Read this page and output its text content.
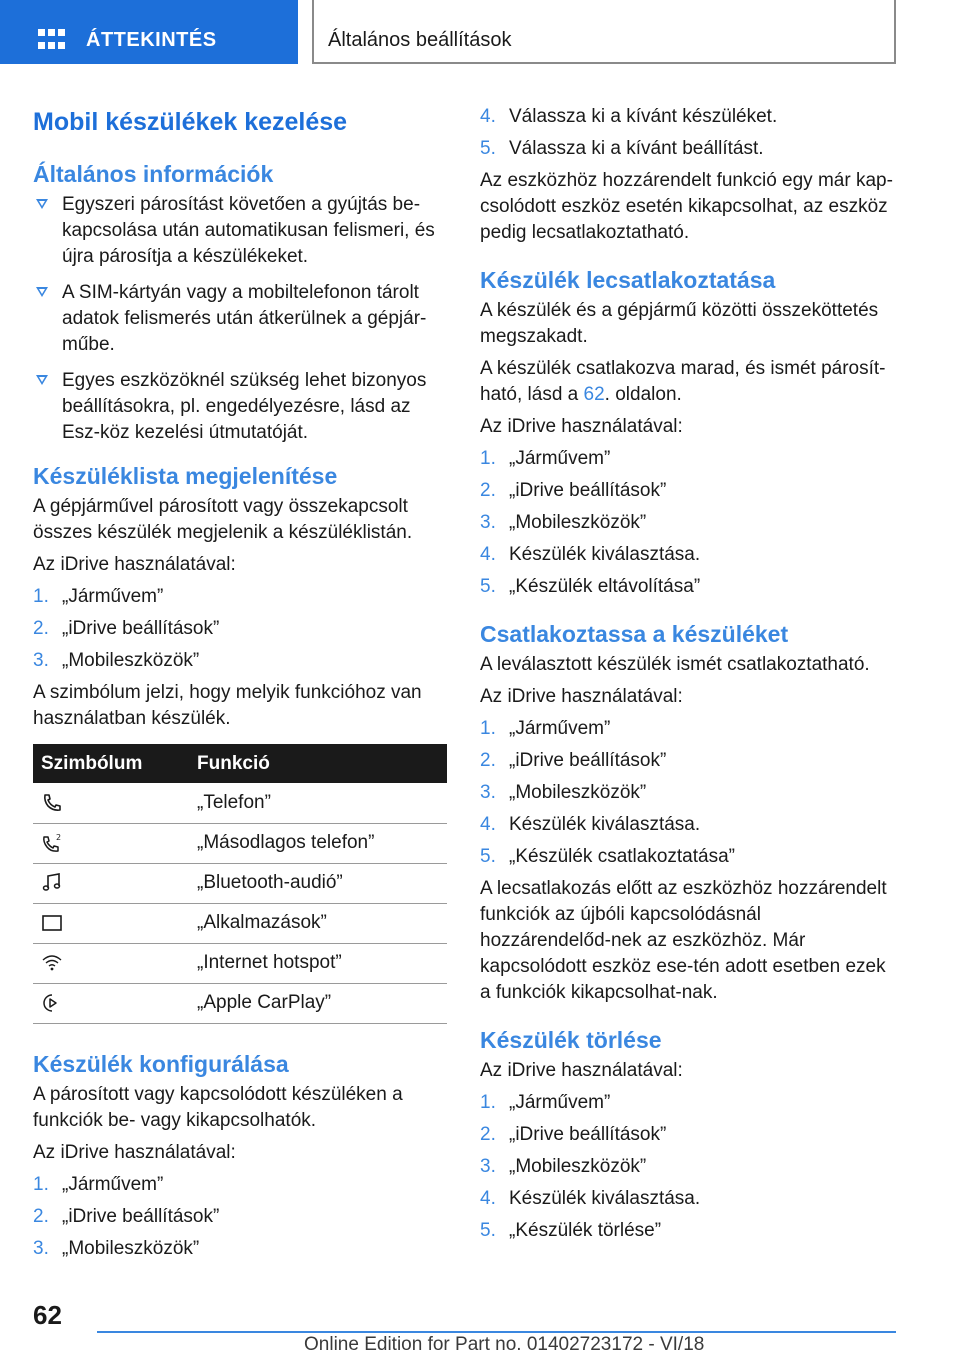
ÁTTEKINTÉS	Általános beállítások
Mobil készülékek kezelése
Általános információk
Egyszeri párosítást követően a gyújtás be-kapcsolása után automatikusan felismeri, és újra párosítja a készülékeket.
A SIM-kártyán vagy a mobiltelefonon tárolt adatok felismerés után átkerülnek a gépjár-műbe.
Egyes eszközöknél szükség lehet bizonyos beállításokra, pl. engedélyezésre, lásd az Esz-köz kezelési útmutatóját.
Készüléklista megjelenítése

A gépjárművel párosított vagy összekapcsolt összes készülék megjelenik a készüléklistán.

Az iDrive használatával:

1. „Járművem”
2. „iDrive beállítások”
3. „Mobileszközök”

A szimbólum jelzi, hogy melyik funkcióhoz van használatban készülék.

Szimbólum	Funkció

	„Telefon”

2	„Másodlagos telefon”

	„Bluetooth-audió”

	„Alkalmazások”

	„Internet hotspot”

	„Apple CarPlay”
Készülék konfigurálása

A párosított vagy kapcsolódott készüléken a funkciók be- vagy kikapcsolhatók.

Az iDrive használatával:

1. „Járművem”
2. „iDrive beállítások”
3. „Mobileszközök”
4. Válassza ki a kívánt készüléket.
5. Válassza ki a kívánt beállítást.

Az eszközhöz hozzárendelt funkció egy már kap-csolódott eszköz esetén kikapcsolhat, az eszköz pedig lecsatlakoztatható.

Készülék lecsatlakoztatása

A készülék és a gépjármű közötti összeköttetés megszakadt.

A készülék csatlakozva marad, és ismét párosít-ható, lásd a 62. oldalon.

Az iDrive használatával:

1. „Járművem”
2. „iDrive beállítások”
3. „Mobileszközök”
4. Készülék kiválasztása.
5. „Készülék eltávolítása”
Csatlakoztassa a készüléket

A leválasztott készülék ismét csatlakoztatható.

Az iDrive használatával:

1. „Járművem”
2. „iDrive beállítások”
3. „Mobileszközök”
4. Készülék kiválasztása.
5. „Készülék csatlakoztatása”

A lecsatlakozás előtt az eszközhöz hozzárendelt funkciók az újbóli kapcsolódásnál hozzárendelőd-nek az eszközhöz. Már kapcsolódott eszköz ese-tén adott esetben ezek a funkciók kikapcsolhat-nak.

Készülék törlése

Az iDrive használatával:

1. „Járművem”
2. „iDrive beállítások”
3. „Mobileszközök”
4. Készülék kiválasztása.
5. „Készülék törlése”
62
Online Edition for Part no. 01402723172 - VI/18
